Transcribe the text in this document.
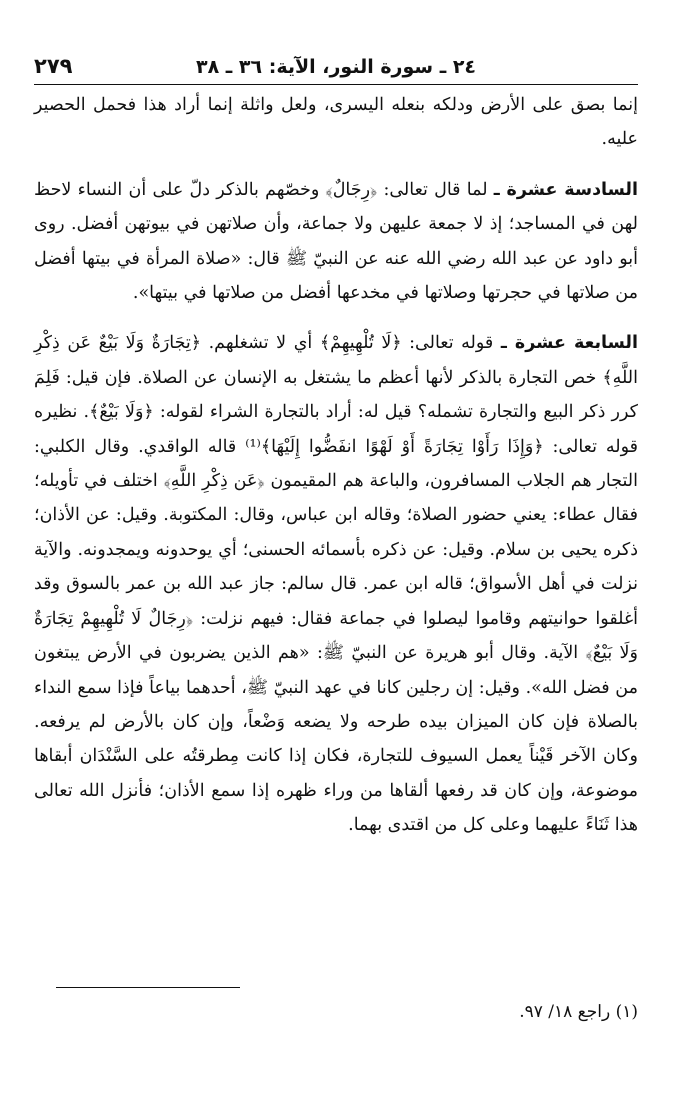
٢٤ ـ سورة النور، الآية: ٣٦ ـ ٣٨
٢٧٩

إنما بصق على الأرض ودلكه بنعله اليسرى، ولعل واثلة إنما أراد هذا فحمل الحصير عليه.

السادسة عشرة ـ لما قال تعالى: ﴿رِجَالٌ﴾ وخصّهم بالذكر دلّ على أن النساء لاحظ لهن في المساجد؛ إذ لا جمعة عليهن ولا جماعة، وأن صلاتهن في بيوتهن أفضل. روى أبو داود عن عبد الله رضي الله عنه عن النبيّ ﷺ قال: «صلاة المرأة في بيتها أفضل من صلاتها في حجرتها وصلاتها في مخدعها أفضل من صلاتها في بيتها».

السابعة عشرة ـ قوله تعالى: ﴿لَا تُلْهِيهِمْ﴾ أي لا تشغلهم. ﴿تِجَارَةٌ وَلَا بَيْعٌ عَن ذِكْرِ اللَّهِ﴾ خص التجارة بالذكر لأنها أعظم ما يشتغل به الإنسان عن الصلاة. فإن قيل: فَلِمَ كرر ذكر البيع والتجارة تشمله؟ قيل له: أراد بالتجارة الشراء لقوله: ﴿وَلَا بَيْعٌ﴾. نظيره قوله تعالى: ﴿وَإِذَا رَأَوْا تِجَارَةً أَوْ لَهْوًا انفَضُّوا إِلَيْهَا﴾⁽¹⁾ قاله الواقدي. وقال الكلبي: التجار هم الجلاب المسافرون، والباعة هم المقيمون ﴿عَن ذِكْرِ اللَّهِ﴾ اختلف في تأويله؛ فقال عطاء: يعني حضور الصلاة؛ وقاله ابن عباس، وقال: المكتوبة. وقيل: عن الأذان؛ ذكره يحيى بن سلام. وقيل: عن ذكره بأسمائه الحسنى؛ أي يوحدونه ويمجدونه. والآية نزلت في أهل الأسواق؛ قاله ابن عمر. قال سالم: جاز عبد الله بن عمر بالسوق وقد أغلقوا حوانيتهم وقاموا ليصلوا في جماعة فقال: فيهم نزلت: ﴿رِجَالٌ لَا تُلْهِيهِمْ تِجَارَةٌ وَلَا بَيْعٌ﴾ الآية. وقال أبو هريرة عن النبيّ ﷺ: «هم الذين يضربون في الأرض يبتغون من فضل الله». وقيل: إن رجلين كانا في عهد النبيّ ﷺ، أحدهما بياعاً فإذا سمع النداء بالصلاة فإن كان الميزان بيده طرحه ولا يضعه وَضْعاً، وإن كان بالأرض لم يرفعه. وكان الآخر قَيْناً يعمل السيوف للتجارة، فكان إذا كانت مِطرقتُه على السَّنْدَان أبقاها موضوعة، وإن كان قد رفعها ألقاها من وراء ظهره إذا سمع الأذان؛ فأنزل الله تعالى هذا ثَنَاءً عليهما وعلى كل من اقتدى بهما.

(١) راجع ١٨/ ٩٧.
